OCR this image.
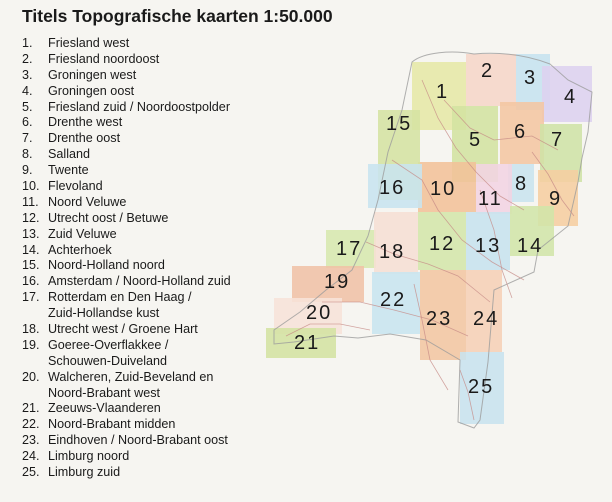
Titels Topografische kaarten 1:50.000
1.	Friesland west
2.	Friesland noordoost
3.	Groningen west
4.	Groningen oost
5.	Friesland zuid / Noordoostpolder
6.	Drenthe west
7.	Drenthe oost
8.	Salland
9.	Twente
10. Flevoland
11. Noord Veluwe
12. Utrecht oost / Betuwe
13. Zuid Veluwe
14. Achterhoek
15. Noord-Holland noord
16. Amsterdam / Noord-Holland zuid
17. Rotterdam en Den Haag /
Zuid-Hollandse kust
18. Utrecht west / Groene Hart
19. Goeree-Overflakkee /
Schouwen-Duiveland
20. Walcheren, Zuid-Beveland en
Noord-Brabant west
21. Zeeuws-Vlaanderen
22. Noord-Brabant midden
23. Eindhoven / Noord-Brabant oost
24. Limburg noord
25. Limburg zuid
1
2 3
4
5 6 7
8
9
10 11
12 13 14
15
16
17 18
19
20
21
22
23 24
25
